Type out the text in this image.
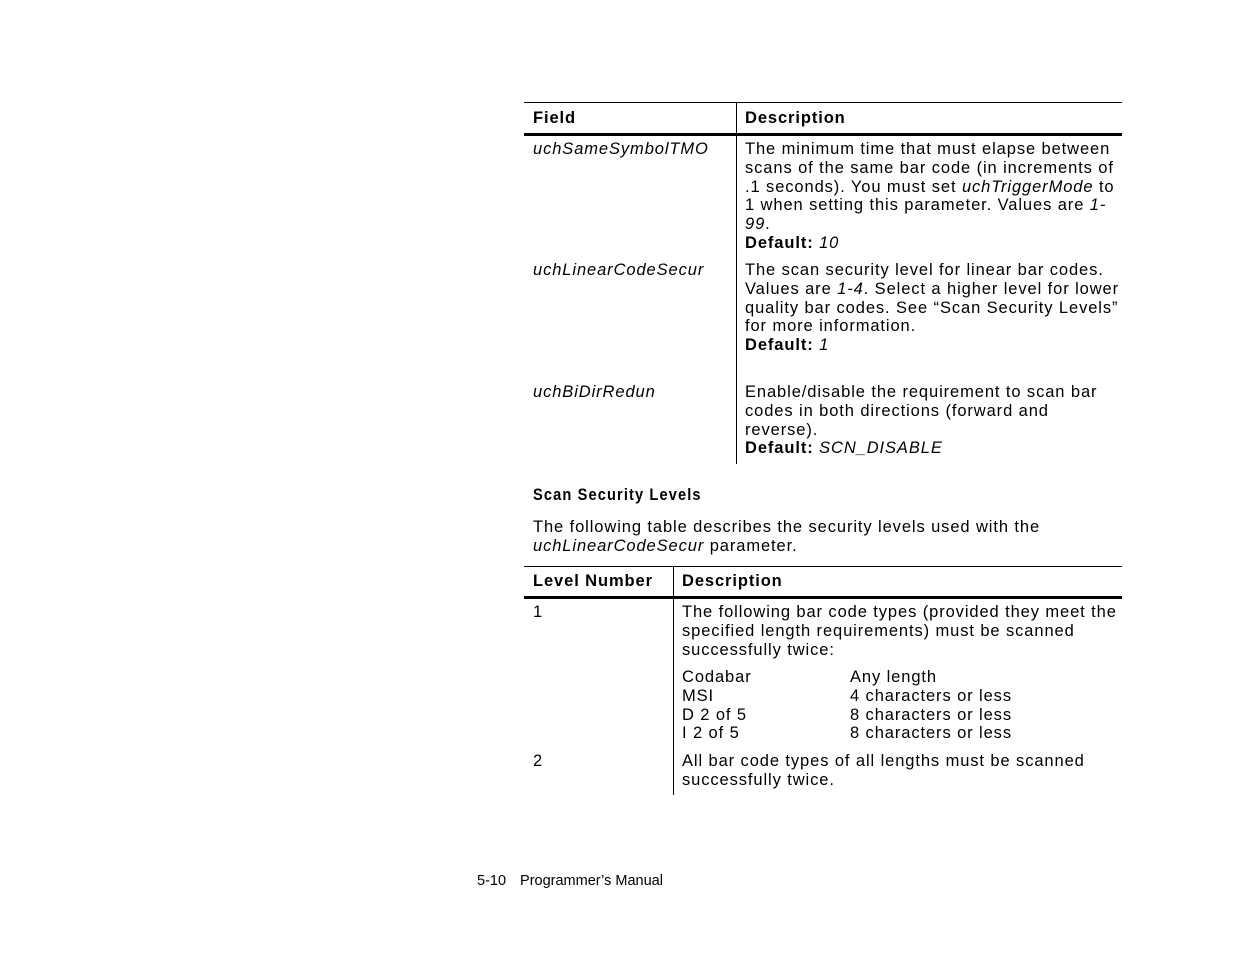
Field	Description
uchSameSymbolTMO The minimum time that must elapse between scans of the same bar code (in increments of .1 seconds). You must set uchTriggerMode to 1 when setting this parameter. Values are 1-99.
Default: 10
uchLinearCodeSecur The scan security level for linear bar codes. Values are 1-4. Select a higher level for lower quality bar codes. See “Scan Security Levels” for more information.
Default: 1
uchBiDirRedun	Enable/disable the requirement to scan bar codes in both directions (forward and reverse).
Default: SCN_DISABLE
Scan Security Levels
The following table describes the security levels used with the uchLinearCodeSecur parameter.
Level Number Description
1	The following bar code types (provided they meet the specified length requirements) must be scanned successfully twice:
Codabar	Any length
MSI	4 characters or less
D 2 of 5	8 characters or less
I 2 of 5	8 characters or less
2	All bar code types of all lengths must be scanned successfully twice.
5-10 Programmer’s Manual
